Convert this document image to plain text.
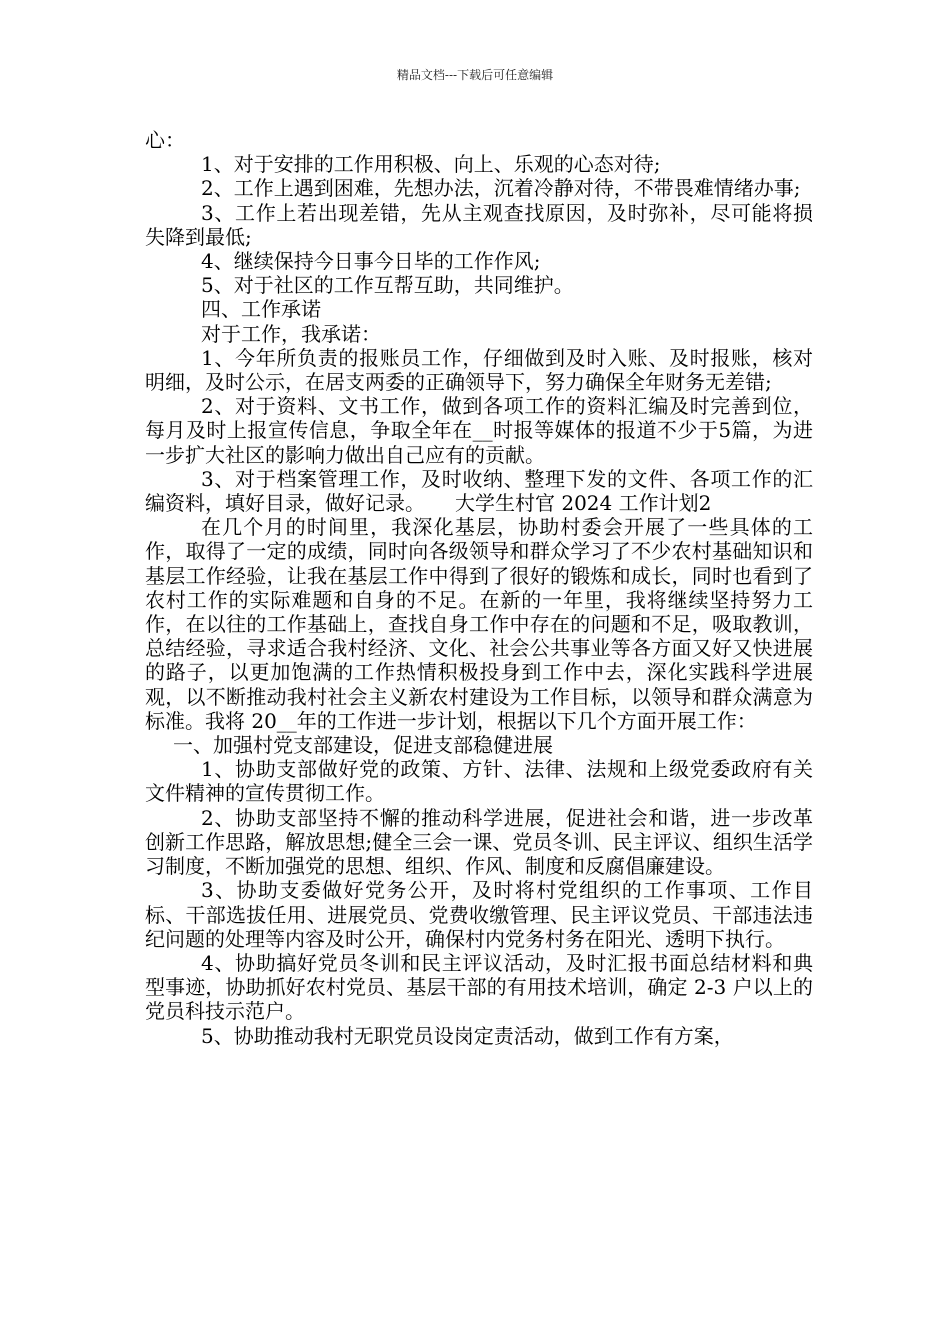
精品文档---下载后可任意编辑

心：

1、对于安排的工作用积极、向上、乐观的心态对待;

2、工作上遇到困难，先想办法，沉着冷静对待，不带畏难情绪办事;

3、工作上若出现差错，先从主观查找原因，及时弥补，尽可能将损失降到最低;

4、继续保持今日事今日毕的工作作风;

5、对于社区的工作互帮互助，共同维护。

四、工作承诺

对于工作，我承诺：

1、今年所负责的报账员工作，仔细做到及时入账、及时报账，核对明细，及时公示，在居支两委的正确领导下，努力确保全年财务无差错;

2、对于资料、文书工作，做到各项工作的资料汇编及时完善到位，每月及时上报宣传信息，争取全年在__时报等媒体的报道不少于5篇，为进一步扩大社区的影响力做出自己应有的贡献。

3、对于档案管理工作，及时收纳、整理下发的文件、各项工作的汇编资料，填好目录，做好记录。　　大学生村官 2024 工作计划2

在几个月的时间里，我深化基层，协助村委会开展了一些具体的工作，取得了一定的成绩，同时向各级领导和群众学习了不少农村基础知识和基层工作经验，让我在基层工作中得到了很好的锻炼和成长，同时也看到了农村工作的实际难题和自身的不足。在新的一年里，我将继续坚持努力工作，在以往的工作基础上，查找自身工作中存在的问题和不足，吸取教训，总结经验，寻求适合我村经济、文化、社会公共事业等各方面又好又快进展的路子，以更加饱满的工作热情积极投身到工作中去，深化实践科学进展观，以不断推动我村社会主义新农村建设为工作目标，以领导和群众满意为标准。我将 20__年的工作进一步计划，根据以下几个方面开展工作：

一、加强村党支部建设，促进支部稳健进展

1、协助支部做好党的政策、方针、法律、法规和上级党委政府有关文件精神的宣传贯彻工作。

2、协助支部坚持不懈的推动科学进展，促进社会和谐，进一步改革创新工作思路，解放思想;健全三会一课、党员冬训、民主评议、组织生活学习制度，不断加强党的思想、组织、作风、制度和反腐倡廉建设。

3、协助支委做好党务公开，及时将村党组织的工作事项、工作目标、干部选拔任用、进展党员、党费收缴管理、民主评议党员、干部违法违纪问题的处理等内容及时公开，确保村内党务村务在阳光、透明下执行。

4、协助搞好党员冬训和民主评议活动，及时汇报书面总结材料和典型事迹，协助抓好农村党员、基层干部的有用技术培训，确定 2-3 户以上的党员科技示范户。

5、协助推动我村无职党员设岗定责活动，做到工作有方案，
